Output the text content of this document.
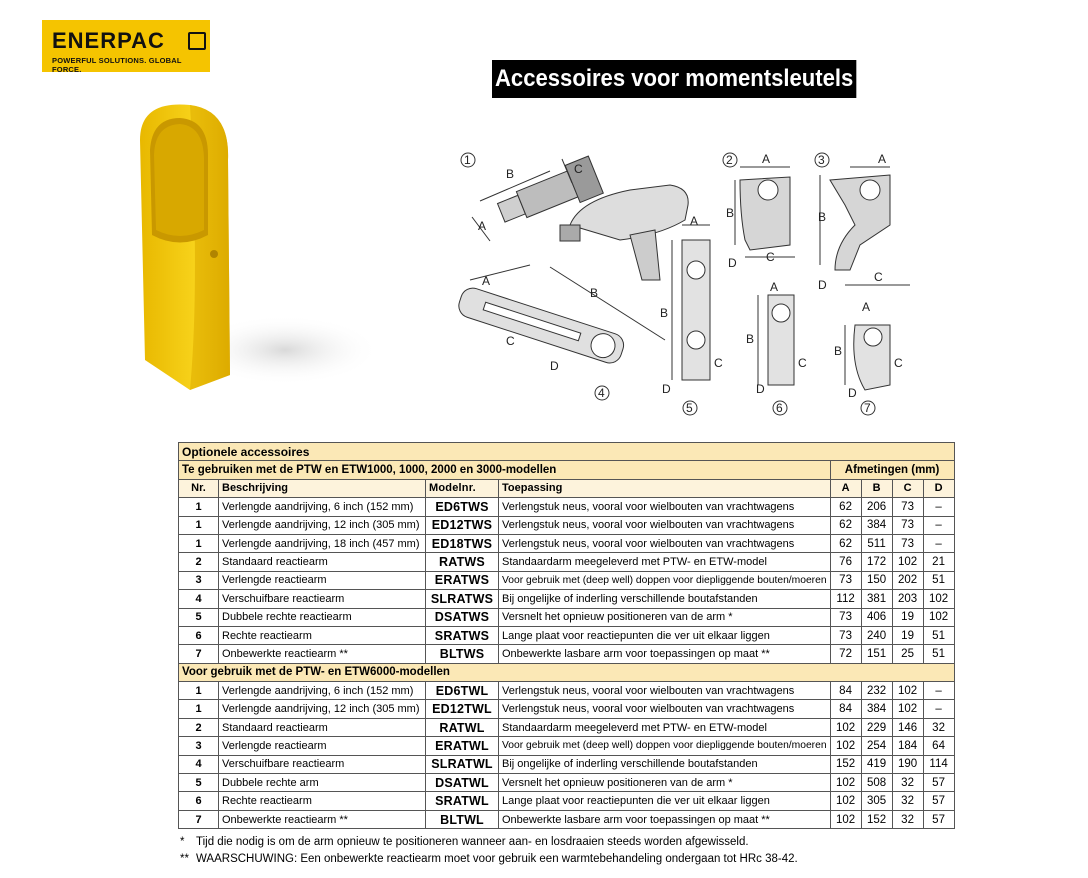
ENERPAC
POWERFUL SOLUTIONS. GLOBAL FORCE.	Accessoires voor momentsleutels
1	2	3
4
5	6	7
B	C
A
A
B
C
D
A
B
C
D
A
B
C
D
A
B
C
D
A
B
C
D
A
B
C
D
Optionele accessoires							
Te gebruiken met de PTW en ETW1000, 1000, 2000 en 3000-modellen				Afmetingen (mm)			
Nr.	Beschrijving	Modelnr.	Toepassing	A	B	C	D
1	Verlengde aandrijving, 6 inch (152 mm)	ED6TWS	Verlengstuk neus, vooral voor wielbouten van vrachtwagens	62	206	73	–
1	Verlengde aandrijving, 12 inch (305 mm)	ED12TWS	Verlengstuk neus, vooral voor wielbouten van vrachtwagens	62	384	73	–
1	Verlengde aandrijving, 18 inch (457 mm)	ED18TWS	Verlengstuk neus, vooral voor wielbouten van vrachtwagens	62	511	73	–
2	Standaard reactiearm	RATWS	Standaardarm meegeleverd met PTW- en ETW-model	76	172	102	21
3	Verlengde reactiearm	ERATWS	Voor gebruik met (deep well) doppen voor diepliggende bouten/moeren	73	150	202	51
4	Verschuifbare reactiearm	SLRATWS	Bij ongelijke of inderling verschillende boutafstanden	112	381	203	102
5	Dubbele rechte reactiearm	DSATWS	Versnelt het opnieuw positioneren van de arm *	73	406	19	102
6	Rechte reactiearm	SRATWS	Lange plaat voor reactiepunten die ver uit elkaar liggen	73	240	19	51
7	Onbewerkte reactiearm **	BLTWS	Onbewerkte lasbare arm voor toepassingen op maat **	72	151	25	51
Voor gebruik met de PTW- en ETW6000-modellen							
1	Verlengde aandrijving, 6 inch (152 mm)	ED6TWL	Verlengstuk neus, vooral voor wielbouten van vrachtwagens	84	232	102	–
1	Verlengde aandrijving, 12 inch (305 mm)	ED12TWL	Verlengstuk neus, vooral voor wielbouten van vrachtwagens	84	384	102	–
2	Standaard reactiearm	RATWL	Standaardarm meegeleverd met PTW- en ETW-model	102	229	146	32
3	Verlengde reactiearm	ERATWL	Voor gebruik met (deep well) doppen voor diepliggende bouten/moeren	102	254	184	64
4	Verschuifbare reactiearm	SLRATWL	Bij ongelijke of inderling verschillende boutafstanden	152	419	190	114
5	Dubbele rechte arm	DSATWL	Versnelt het opnieuw positioneren van de arm *	102	508	32	57
6	Rechte reactiearm	SRATWL	Lange plaat voor reactiepunten die ver uit elkaar liggen	102	305	32	57
7	Onbewerkte reactiearm **	BLTWL	Onbewerkte lasbare arm voor toepassingen op maat **	102	152	32	57
* Tijd die nodig is om de arm opnieuw te positioneren wanneer aan- en losdraaien steeds worden afgewisseld.
** WAARSCHUWING: Een onbewerkte reactiearm moet voor gebruik een warmtebehandeling ondergaan tot HRc 38-42.
